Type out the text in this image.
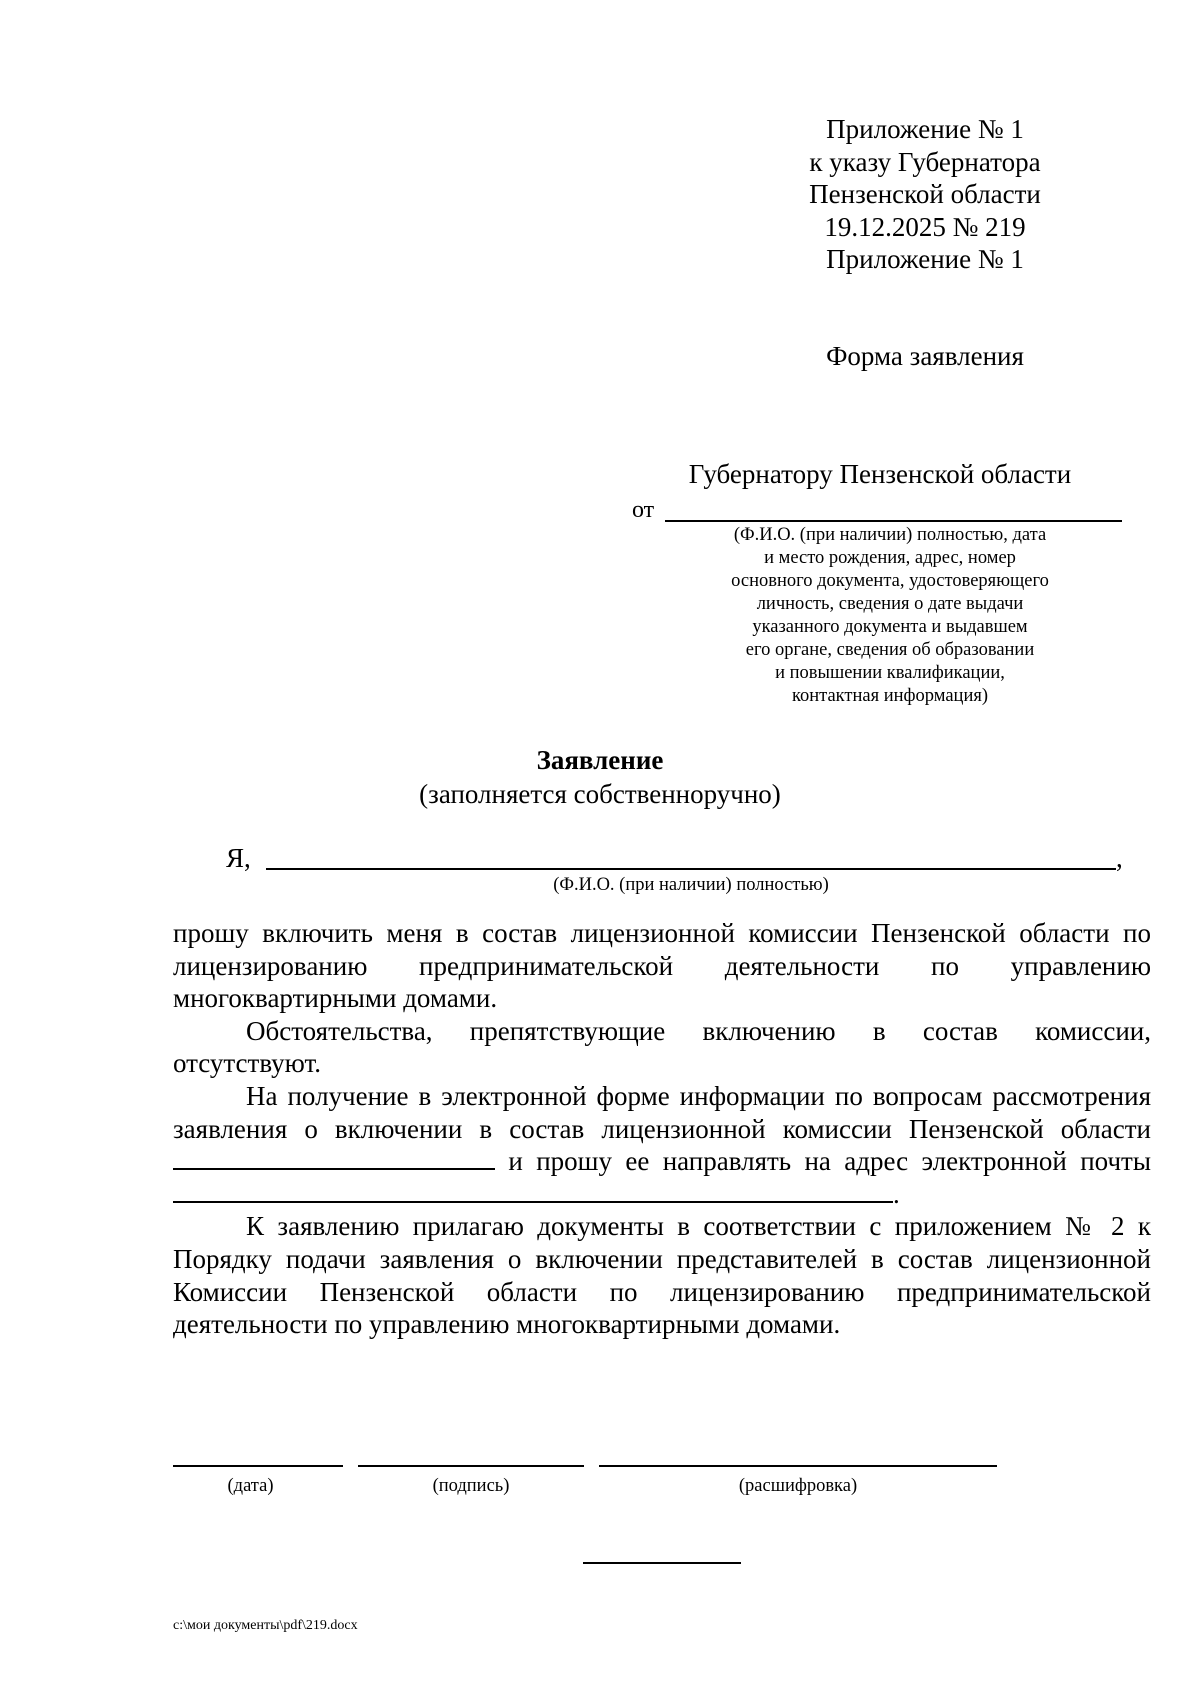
Приложение № 1
к указу Губернатора
Пензенской области
19.12.2025 № 219
Приложение № 1
Форма заявления
Губернатору Пензенской области
от
(Ф.И.О. (при наличии) полностью, дата
и место рождения, адрес, номер
основного документа, удостоверяющего
личность, сведения о дате выдачи
указанного документа и выдавшем
его органе, сведения об образовании
и повышении квалификации,
контактная информация)
Заявление
(заполняется собственноручно)
Я,	,
(Ф.И.О. (при наличии) полностью)

прошу включить меня в состав лицензионной комиссии Пензенской области по лицензированию предпринимательской деятельности по управлению многоквартирными домами.

Обстоятельства, препятствующие включению в состав комиссии, отсутствуют.

На получение в электронной форме информации по вопросам рассмотрения заявления о включении в состав лицензионной комиссии Пензенской области  и прошу ее направлять на адрес электронной почты .

К заявлению прилагаю документы в соответствии с приложением № 2 к Порядку подачи заявления о включении представителей в состав лицензионной Комиссии Пензенской области по лицензированию предпринимательской деятельности по управлению многоквартирными домами.

(дата)	(подпись)	(расшифровка)
c:\мои документы\pdf\219.docx
